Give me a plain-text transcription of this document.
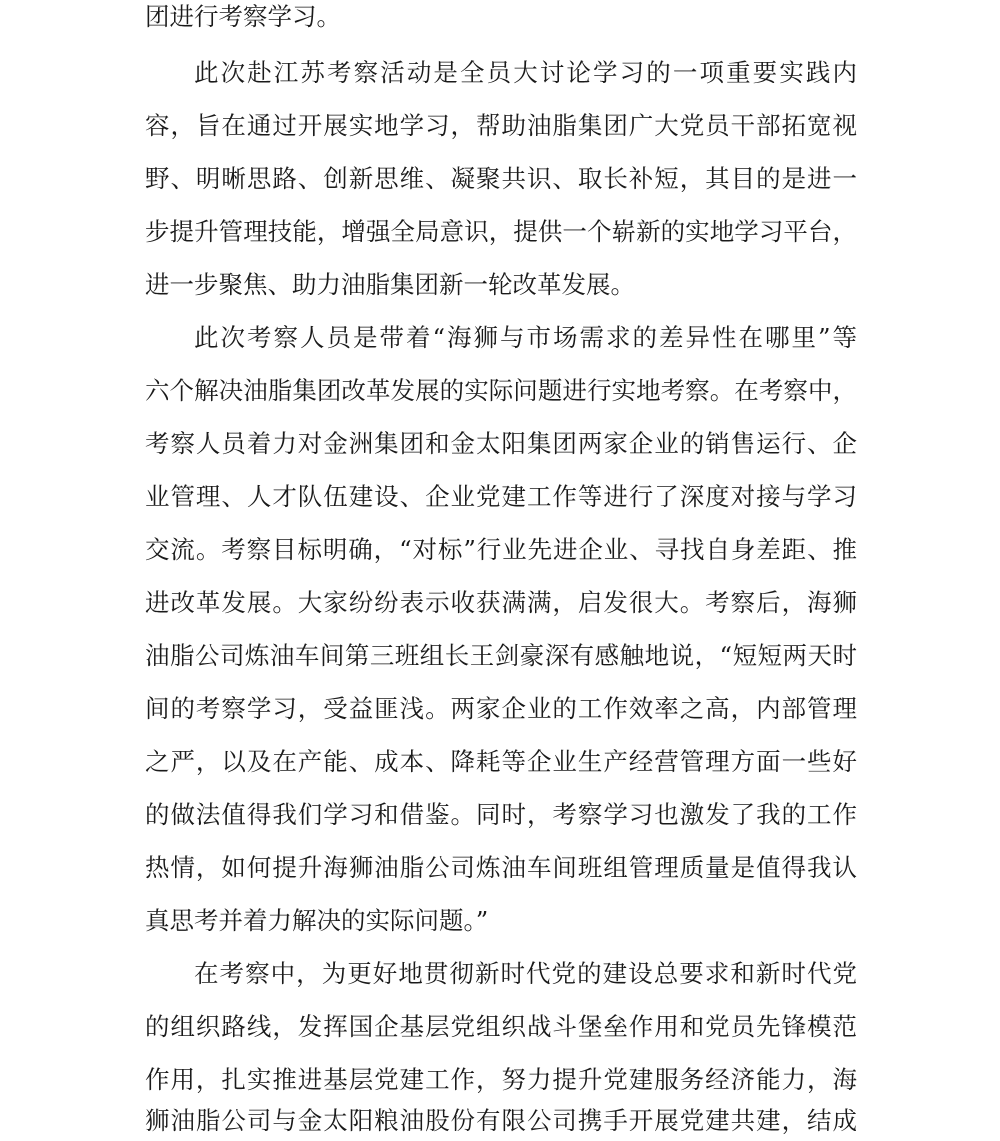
团进行考察学习。
此次赴江苏考察活动是全员大讨论学习的一项重要实践内
容，旨在通过开展实地学习，帮助油脂集团广大党员干部拓宽视
野、明晰思路、创新思维、凝聚共识、取长补短，其目的是进一
步提升管理技能，增强全局意识，提供一个崭新的实地学习平台，
进一步聚焦、助力油脂集团新一轮改革发展。
此次考察人员是带着“海狮与市场需求的差异性在哪里”等
六个解决油脂集团改革发展的实际问题进行实地考察。在考察中，
考察人员着力对金洲集团和金太阳集团两家企业的销售运行、企
业管理、人才队伍建设、企业党建工作等进行了深度对接与学习
交流。考察目标明确，“对标”行业先进企业、寻找自身差距、推
进改革发展。大家纷纷表示收获满满，启发很大。考察后，海狮
油脂公司炼油车间第三班组长王剑豪深有感触地说，“短短两天时
间的考察学习，受益匪浅。两家企业的工作效率之高，内部管理
之严，以及在产能、成本、降耗等企业生产经营管理方面一些好
的做法值得我们学习和借鉴。同时，考察学习也激发了我的工作
热情，如何提升海狮油脂公司炼油车间班组管理质量是值得我认
真思考并着力解决的实际问题。”
在考察中，为更好地贯彻新时代党的建设总要求和新时代党
的组织路线，发挥国企基层党组织战斗堡垒作用和党员先锋模范
作用，扎实推进基层党建工作，努力提升党建服务经济能力，海
狮油脂公司与金太阳粮油股份有限公司携手开展党建共建，结成
